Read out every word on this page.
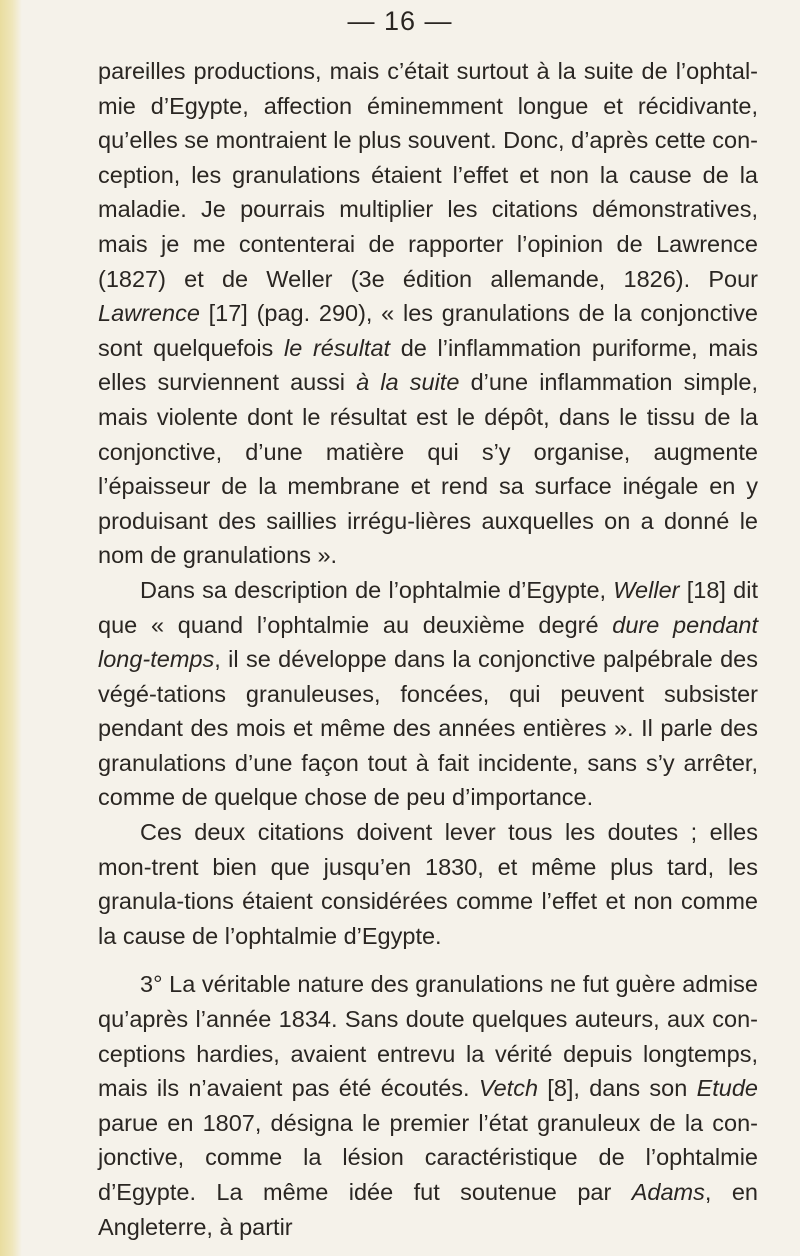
— 16 —

pareilles productions, mais c’était surtout à la suite de l’ophtal-mie d’Egypte, affection éminemment longue et récidivante, qu’elles se montraient le plus souvent. Donc, d’après cette con-ception, les granulations étaient l’effet et non la cause de la maladie. Je pourrais multiplier les citations démonstratives, mais je me contenterai de rapporter l’opinion de Lawrence (1827) et de Weller (3e édition allemande, 1826). Pour Lawrence [17] (pag. 290), « les granulations de la conjonctive sont quelquefois le résultat de l’inflammation puriforme, mais elles surviennent aussi à la suite d’une inflammation simple, mais violente dont le résultat est le dépôt, dans le tissu de la conjonctive, d’une matière qui s’y organise, augmente l’épaisseur de la membrane et rend sa surface inégale en y produisant des saillies irrégu-lières auxquelles on a donné le nom de granulations ».

Dans sa description de l’ophtalmie d’Egypte, Weller [18] dit que « quand l’ophtalmie au deuxième degré dure pendant long-temps, il se développe dans la conjonctive palpébrale des végé-tations granuleuses, foncées, qui peuvent subsister pendant des mois et même des années entières ». Il parle des granulations d’une façon tout à fait incidente, sans s’y arrêter, comme de quelque chose de peu d’importance.

Ces deux citations doivent lever tous les doutes ; elles mon-trent bien que jusqu’en 1830, et même plus tard, les granula-tions étaient considérées comme l’effet et non comme la cause de l’ophtalmie d’Egypte.

3° La véritable nature des granulations ne fut guère admise qu’après l’année 1834. Sans doute quelques auteurs, aux con-ceptions hardies, avaient entrevu la vérité depuis longtemps, mais ils n’avaient pas été écoutés. Vetch [8], dans son Etude parue en 1807, désigna le premier l’état granuleux de la con-jonctive, comme la lésion caractéristique de l’ophtalmie d’Egypte. La même idée fut soutenue par Adams, en Angleterre, à partir
